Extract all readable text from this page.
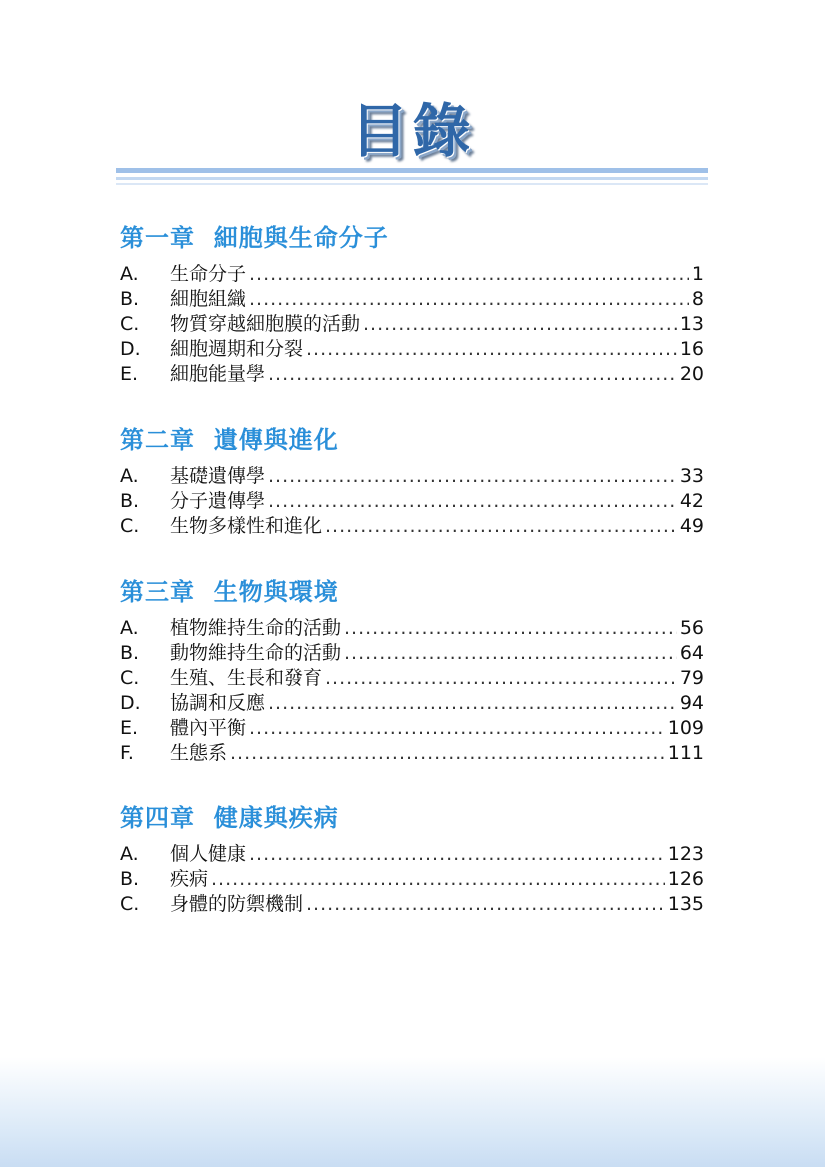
目錄
第一章  細胞與生命分子
A.	生命分子 .....	1
B.	細胞組織 .....	8
C.	物質穿越細胞膜的活動 .....	13
D.	細胞週期和分裂 .....	16
E.	細胞能量學 .....	20
第二章  遺傳與進化
A.	基礎遺傳學 .....	33
B.	分子遺傳學 .....	42
C.	生物多樣性和進化 .....	49
第三章  生物與環境
A.	植物維持生命的活動 .....	56
B.	動物維持生命的活動 .....	64
C.	生殖、生長和發育 .....	79
D.	協調和反應 .....	94
E.	體內平衡 .....	109
F.	生態系 .....	111
第四章  健康與疾病
A.	個人健康 .....	123
B.	疾病 .....	126
C.	身體的防禦機制 .....	135
